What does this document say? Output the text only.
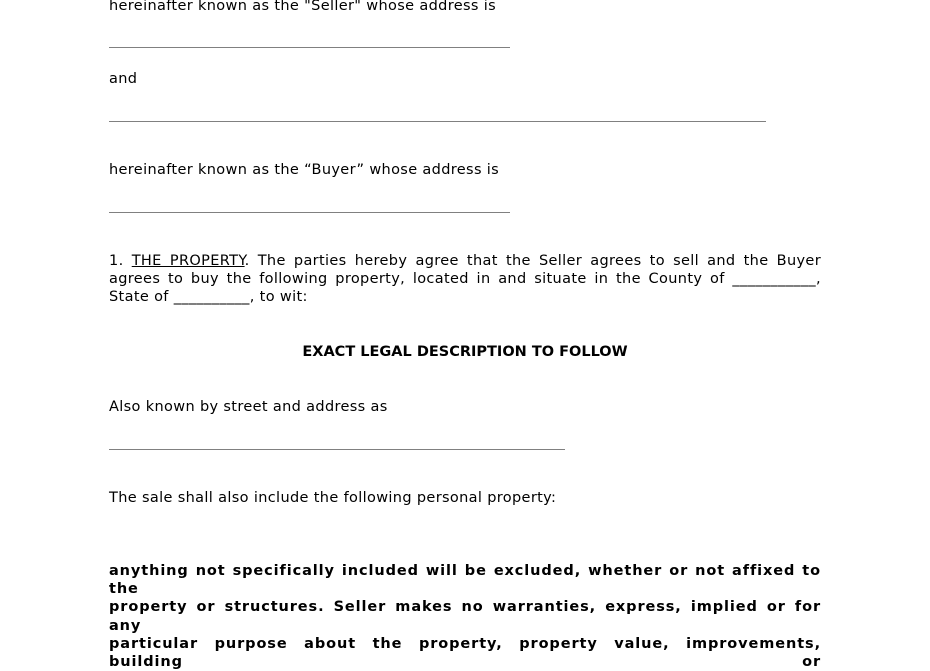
hereinafter known as the "Seller" whose address is
and
hereinafter known as the “Buyer” whose address is
1. THE PROPERTY. The parties hereby agree that the Seller agrees to sell and the Buyer
agrees to buy the following property, located in and situate in the County of ___________,
State of __________, to wit:
EXACT LEGAL DESCRIPTION TO FOLLOW
Also known by street and address as
The sale shall also include the following personal property:
anything not specifically included will be excluded, whether or not affixed to the
property or structures. Seller makes no warranties, express, implied or for any
particular purpose about the property, property value, improvements, building or
